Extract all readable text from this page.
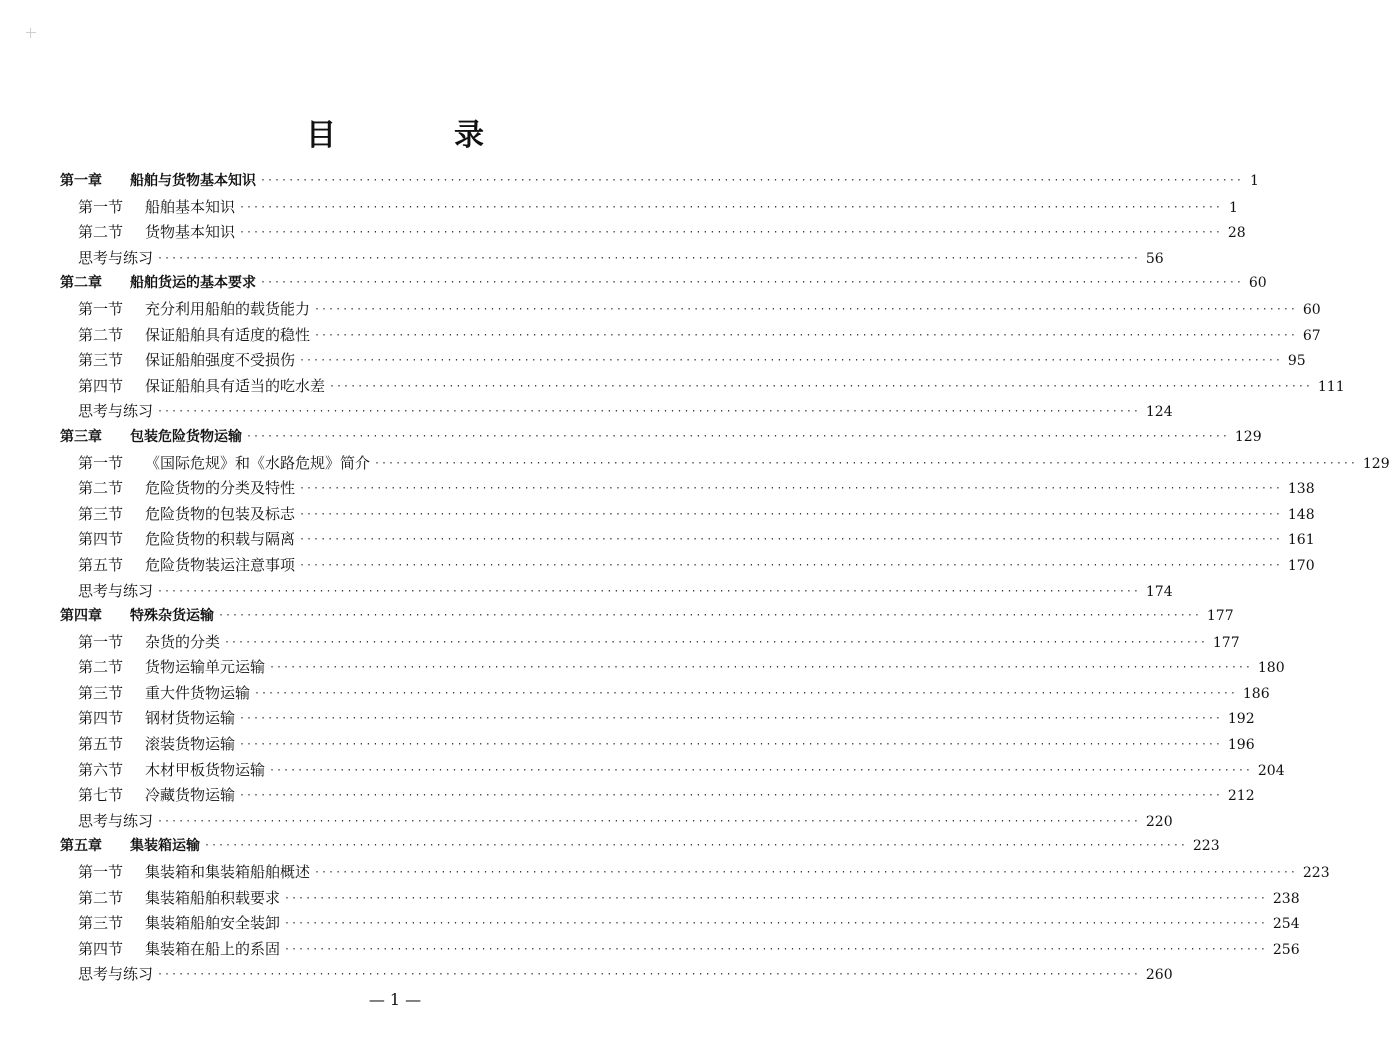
目　录
第一章	船舶与货物基本知识 ············································································································································ 1
第一节	船舶基本知识 ············································································································································ 1
第二节	货物基本知识 ············································································································································ 28
思考与练习 ············································································································································ 56
第二章	船舶货运的基本要求 ············································································································································ 60
第一节	充分利用船舶的载货能力 ············································································································································ 60
第二节	保证船舶具有适度的稳性 ············································································································································ 67
第三节	保证船舶强度不受损伤 ············································································································································ 95
第四节	保证船舶具有适当的吃水差 ············································································································································ 111
思考与练习 ············································································································································ 124
第三章	包装危险货物运输 ············································································································································ 129
第一节	《国际危规》和《水路危规》简介 ············································································································································ 129
第二节	危险货物的分类及特性 ············································································································································ 138
第三节	危险货物的包装及标志 ············································································································································ 148
第四节	危险货物的积载与隔离 ············································································································································ 161
第五节	危险货物装运注意事项 ············································································································································ 170
思考与练习 ············································································································································ 174
第四章	特殊杂货运输 ············································································································································ 177
第一节	杂货的分类 ············································································································································ 177
第二节	货物运输单元运输 ············································································································································ 180
第三节	重大件货物运输 ············································································································································ 186
第四节	钢材货物运输 ············································································································································ 192
第五节	滚装货物运输 ············································································································································ 196
第六节	木材甲板货物运输 ············································································································································ 204
第七节	冷藏货物运输 ············································································································································ 212
思考与练习 ············································································································································ 220
第五章	集装箱运输 ············································································································································ 223
第一节	集装箱和集装箱船舶概述 ············································································································································ 223
第二节	集装箱船舶积载要求 ············································································································································ 238
第三节	集装箱船舶安全装卸 ············································································································································ 254
第四节	集装箱在船上的系固 ············································································································································ 256
思考与练习 ············································································································································ 260
— 1 —
